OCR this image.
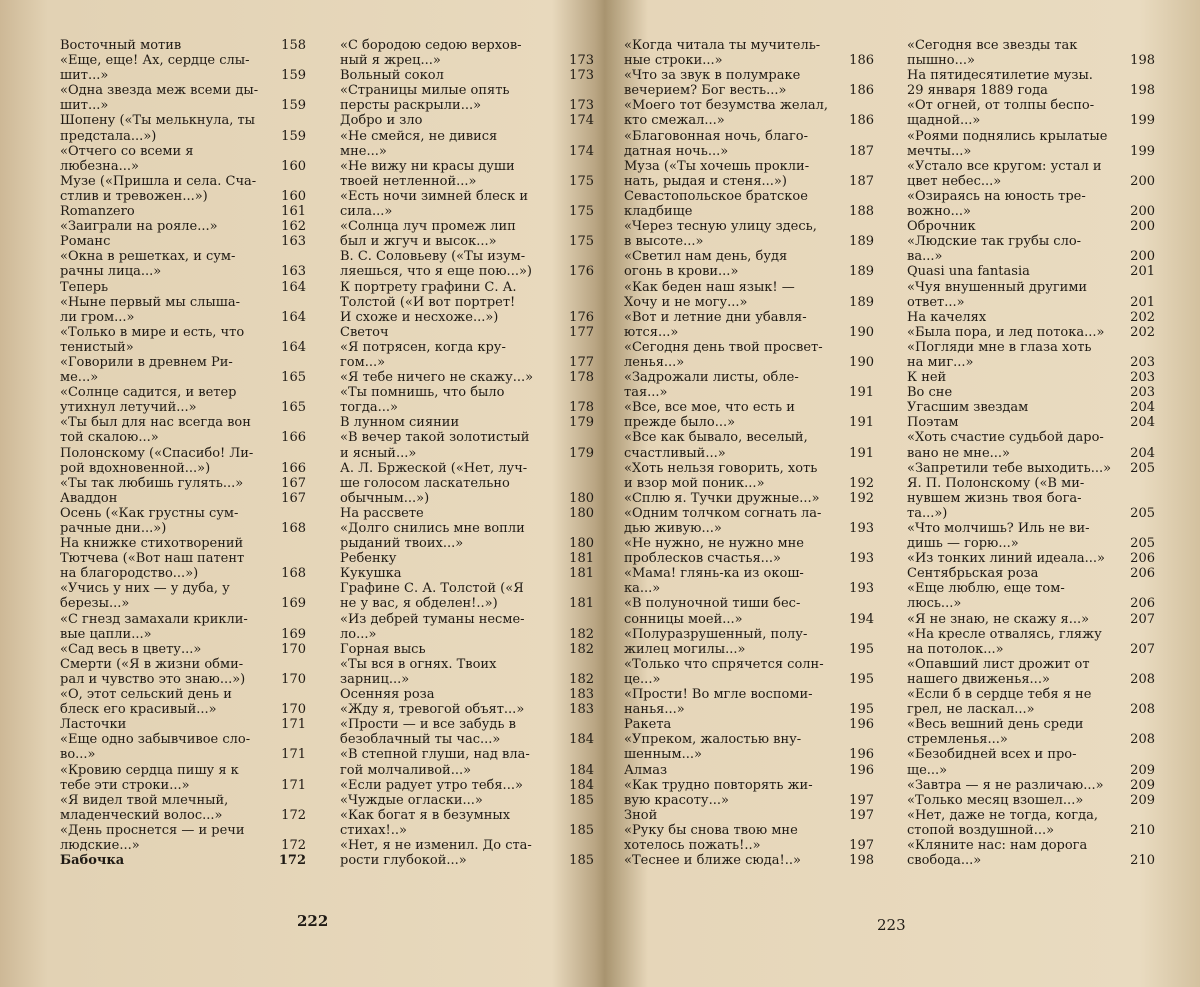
Восточный мотив	158
«Еще, еще! Ах, сердце слы-
шит...»	159
«Одна звезда меж всеми ды-
шит...»	159
Шопену («Ты мелькнула, ты
предстала...»)	159
«Отчего со всеми я любезна...»	160
Музе («Пришла и села. Сча-
стлив и тревожен...»)	160
Romanzero	161
«Заиграли на рояле...»	162
Романс	163
«Окна в решетках, и сум-
рачны лица...»	163
Теперь	164
«Ныне первый мы слыша-
ли гром...»	164
«Только в мире и есть, что
тенистый»	164
«Говорили в древнем Ри-
ме...»	165
«Солнце садится, и ветер
утихнул летучий...»	165
«Ты был для нас всегда вон
той скалою...»	166
Полонскому («Спасибо! Ли-
рой вдохновенной...»)	166
«Ты так любишь гулять...»	167
Аваддон	167
Осень («Как грустны сум-
рачные дни...»)	168
На книжке стихотворений
Тютчева («Вот наш патент
на благородство...»)	168
«Учись у них — у дуба, у
березы...»	169
«С гнезд замахали крикли-
вые цапли...»	169
«Сад весь в цвету...»	170
Смерти («Я в жизни обми-
рал и чувство это знаю...»)	170
«О, этот сельский день и
блеск его красивый...»	170
Ласточки	171
«Еще одно забывчивое сло-
во...»	171
«Кровию сердца пишу я к
тебе эти строки...»	171
«Я видел твой млечный,
младенческий волос...»	172
«День проснется — и речи
людские...»	172
Бабочка	172
«С бородою седою верхов-
ный я жрец...»	173
Вольный сокол	173
«Страницы милые опять
персты раскрыли...»	173
Добро и зло	174
«Не смейся, не дивися
мне...»	174
«Не вижу ни красы души
твоей нетленной...»	175
«Есть ночи зимней блеск и
сила...»	175
«Солнца луч промеж лип
был и жгуч и высок...»	175
В. С. Соловьеву («Ты изум-
ляешься, что я еще пою...»)	176
К портрету графини С. А.
Толстой («И вот портрет!
И схоже и несхоже...»)	176
Светоч	177
«Я потрясен, когда кру-
гом...»	177
«Я тебе ничего не скажу...»	178
«Ты помнишь, что было
тогда...»	178
В лунном сиянии	179
«В вечер такой золотистый
и ясный...»	179
А. Л. Бржеской («Нет, луч-
ше голосом ласкательно
обычным...»)	180
На рассвете	180
«Долго снились мне вопли
рыданий твоих...»	180
Ребенку	181
Кукушка	181
Графине С. А. Толстой («Я
не у вас, я обделен!..»)	181
«Из дебрей туманы несме-
ло...»	182
Горная высь	182
«Ты вся в огнях. Твоих
зарниц...»	182
Осенняя роза	183
«Жду я, тревогой объят...»	183
«Прости — и все забудь в
безоблачный ты час...»	184
«В степной глуши, над вла-
гой молчаливой...»	184
«Если радует утро тебя...»	184
«Чуждые огласки...»	185
«Как богат я в безумных
стихах!..»	185
«Нет, я не изменил. До ста-
рости глубокой...»	185
222
«Когда читала ты мучитель-
ные строки...»	186
«Что за звук в полумраке
вечерием? Бог весть...»	186
«Моего тот безумства желал,
кто смежал...»	186
«Благовонная ночь, благо-
датная ночь...»	187
Муза («Ты хочешь прокли-
нать, рыдая и стеня...»)	187
Севастопольское братское
кладбище	188
«Через тесную улицу здесь,
в высоте...»	189
«Светил нам день, будя
огонь в крови...»	189
«Как беден наш язык! —
Хочу и не могу...»	189
«Вот и летние дни убавля-
ются...»	190
«Сегодня день твой просвет-
ленья...»	190
«Задрожали листы, обле-
тая...»	191
«Все, все мое, что есть и
прежде было...»	191
«Все как бывало, веселый,
счастливый...»	191
«Хоть нельзя говорить, хоть
и взор мой поник...»	192
«Сплю я. Тучки дружные...»	192
«Одним толчком согнать ла-
дью живую...»	193
«Не нужно, не нужно мне
проблесков счастья...»	193
«Мама! глянь-ка из окош-
ка...»	193
«В полуночной тиши бес-
сонницы моей...»	194
«Полуразрушенный, полу-
жилец могилы...»	195
«Только что спрячется солн-
це...»	195
«Прости! Во мгле воспоми-
нанья...»	195
Ракета	196
«Упреком, жалостью вну-
шенным...»	196
Алмаз	196
«Как трудно повторять жи-
вую красоту...»	197
Зной	197
«Руку бы снова твою мне
хотелось пожать!..»	197
«Теснее и ближе сюда!..»	198
«Сегодня все звезды так
пышно...»	198
На пятидесятилетие музы.
29 января 1889 года	198
«От огней, от толпы беспо-
щадной...»	199
«Роями поднялись крылатые
мечты...»	199
«Устало все кругом: устал и
цвет небес...»	200
«Озираясь на юность тре-
вожно...»	200
Оброчник	200
«Людские так грубы сло-
ва...»	200
Quasi una fantasia	201
«Чуя внушенный другими
ответ...»	201
На качелях	202
«Была пора, и лед потока...»	202
«Погляди мне в глаза хоть
на миг...»	203
К ней	203
Во сне	203
Угасшим звездам	204
Поэтам	204
«Хоть счастие судьбой даро-
вано не мне...»	204
«Запретили тебе выходить...»	205
Я. П. Полонскому («В ми-
нувшем жизнь твоя бога-
та...»)	205
«Что молчишь? Иль не ви-
дишь — горю...»	205
«Из тонких линий идеала...»	206
Сентябрьская роза	206
«Еще люблю, еще том-
люсь...»	206
«Я не знаю, не скажу я...»	207
«На кресле отвалясь, гляжу
на потолок...»	207
«Опавший лист дрожит от
нашего движенья...»	208
«Если б в сердце тебя я не
грел, не ласкал...»	208
«Весь вешний день среди
стремленья...»	208
«Безобидней всех и про-
ще...»	209
«Завтра — я не различаю...»	209
«Только месяц взошел...»	209
«Нет, даже не тогда, когда,
стопой воздушной...»	210
«Кляните нас: нам дорога
свобода...»	210
223
